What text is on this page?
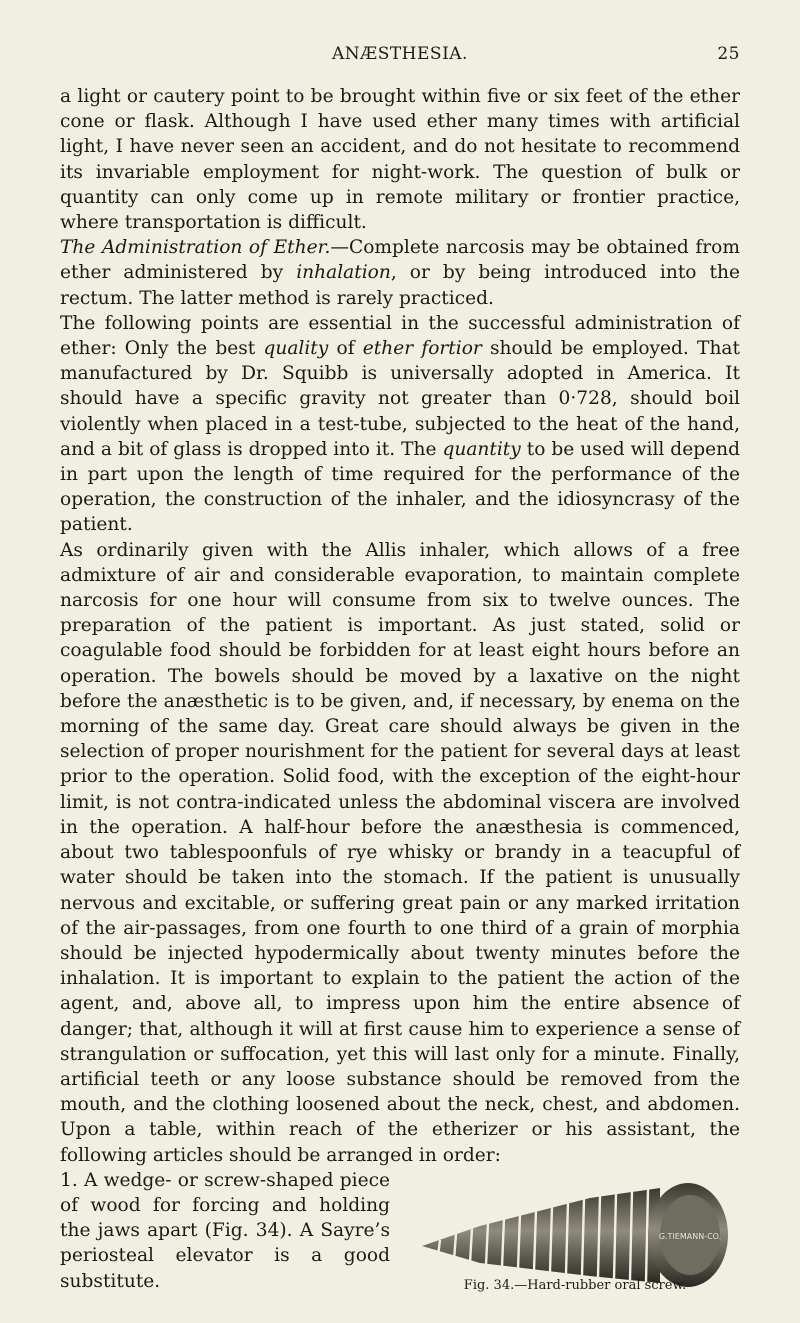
ANÆSTHESIA.	25

a light or cautery point to be brought within five or six feet of the ether cone or flask. Although I have used ether many times with artificial light, I have never seen an accident, and do not hesitate to recommend its invariable employment for night-work. The question of bulk or quantity can only come up in remote military or frontier practice, where transportation is difficult.

The Administration of Ether.—Complete narcosis may be obtained from ether administered by inhalation, or by being introduced into the rectum. The latter method is rarely practiced.

The following points are essential in the successful administration of ether: Only the best quality of ether fortior should be employed. That manufactured by Dr. Squibb is universally adopted in America. It should have a specific gravity not greater than 0·728, should boil violently when placed in a test-tube, subjected to the heat of the hand, and a bit of glass is dropped into it. The quantity to be used will depend in part upon the length of time required for the performance of the operation, the construction of the inhaler, and the idiosyncrasy of the patient.

As ordinarily given with the Allis inhaler, which allows of a free admixture of air and considerable evaporation, to maintain complete narcosis for one hour will consume from six to twelve ounces. The preparation of the patient is important. As just stated, solid or coagulable food should be forbidden for at least eight hours before an operation. The bowels should be moved by a laxative on the night before the anæsthetic is to be given, and, if necessary, by enema on the morning of the same day. Great care should always be given in the selection of proper nourishment for the patient for several days at least prior to the operation. Solid food, with the exception of the eight-hour limit, is not contra-indicated unless the abdominal viscera are involved in the operation. A half-hour before the anæsthesia is commenced, about two tablespoonfuls of rye whisky or brandy in a teacupful of water should be taken into the stomach. If the patient is unusually nervous and excitable, or suffering great pain or any marked irritation of the air-passages, from one fourth to one third of a grain of morphia should be injected hypodermically about twenty minutes before the inhalation. It is important to explain to the patient the action of the agent, and, above all, to impress upon him the entire absence of danger; that, although it will at first cause him to experience a sense of strangulation or suffocation, yet this will last only for a minute. Finally, artificial teeth or any loose substance should be removed from the mouth, and the clothing loosened about the neck, chest, and abdomen. Upon a table, within reach of the etherizer or his assistant, the following articles should be arranged in order:

1. A wedge- or screw-shaped piece of wood for forcing and holding the jaws apart (Fig. 34). A Sayre’s periosteal elevator is a good substitute.

G.TIEMANN-CO.
Fig. 34.—Hard-rubber oral screw.
